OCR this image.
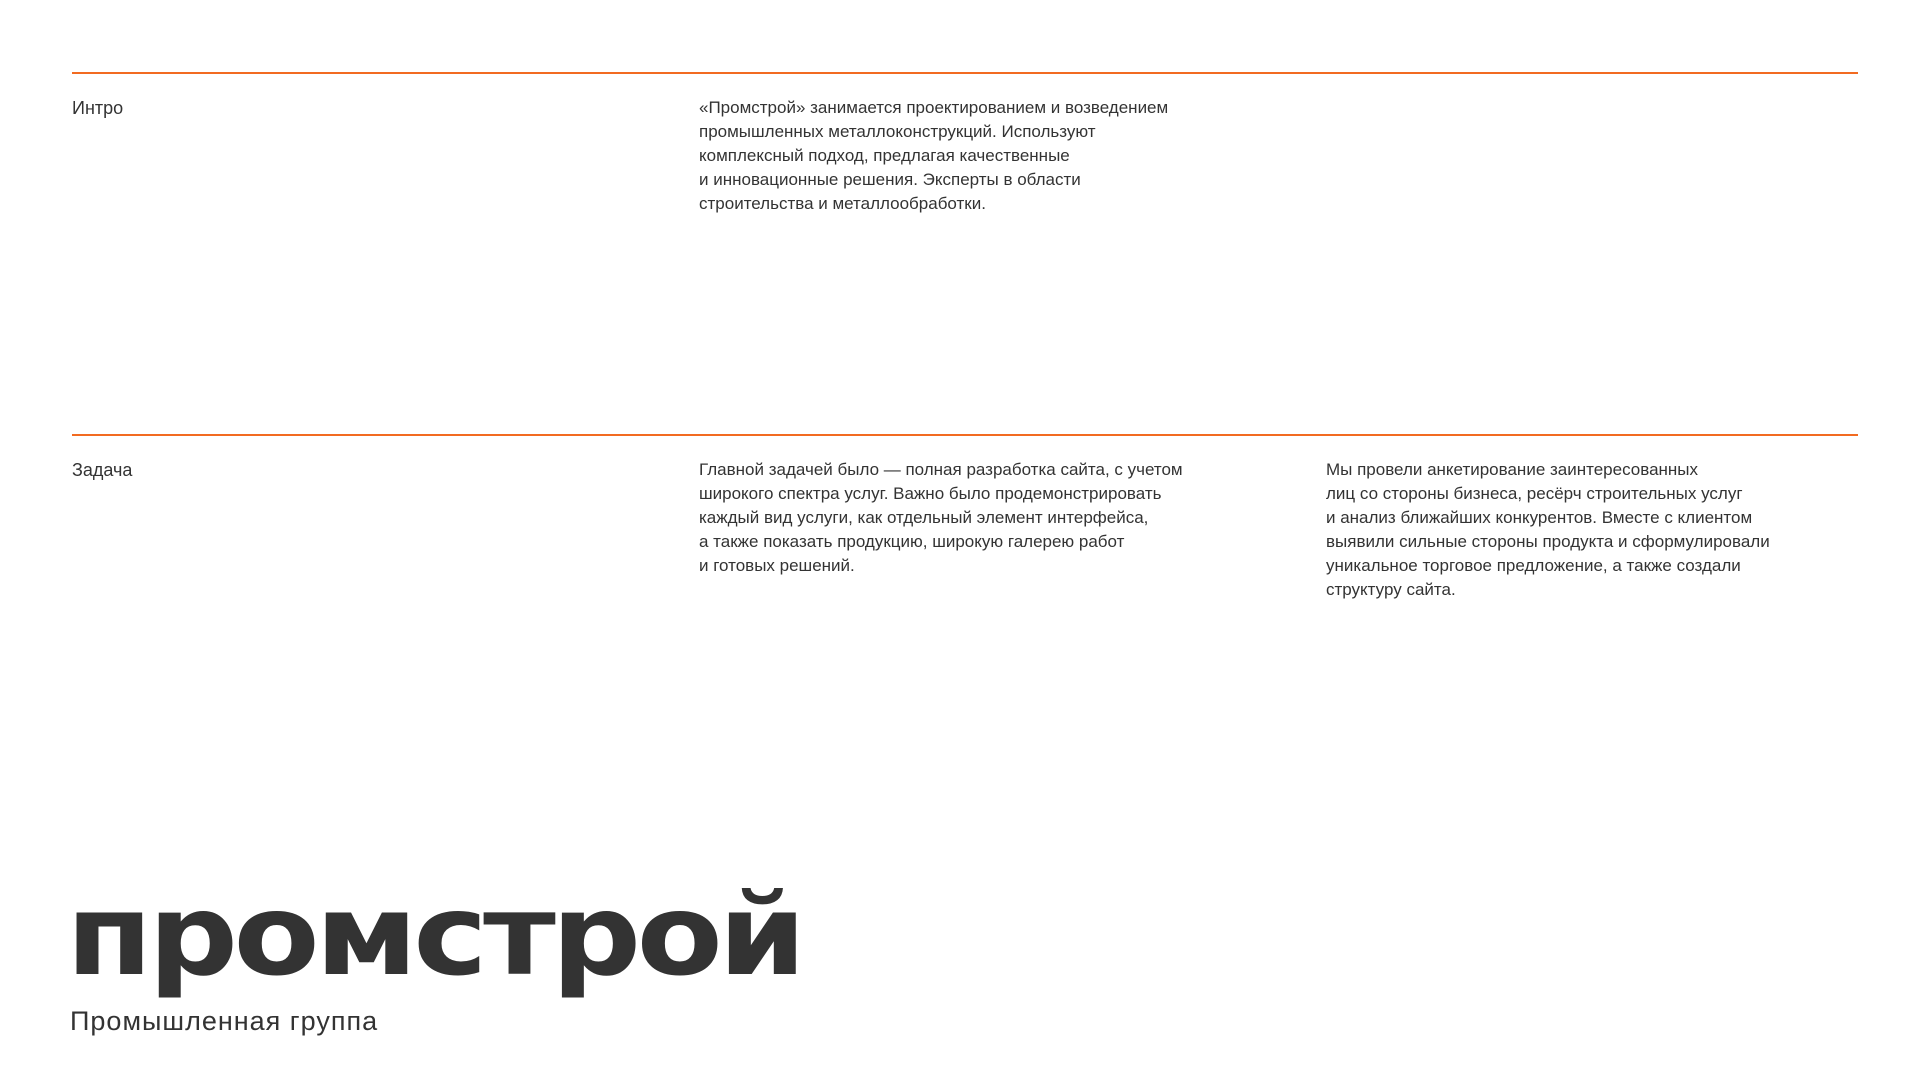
Интро	«Промстрой» занимается проектированием и возведением
промышленных металлоконструкций. Используют
комплексный подход, предлагая качественные
и инновационные решения. Эксперты в области
строительства и металлообработки.
Задача	Главной задачей было — полная разработка сайта, с учетом
широкого спектра услуг. Важно было продемонстрировать
каждый вид услуги, как отдельный элемент интерфейса,
а также показать продукцию, широкую галерею работ
и готовых решений.
Мы провели анкетирование заинтересованных
лиц со стороны бизнеса, ресёрч строительных услуг
и анализ ближайших конкурентов. Вместе с клиентом
выявили сильные стороны продукта и сформулировали
уникальное торговое предложение, а также создали
структуру сайта.
промстрой
Промышленная группа
